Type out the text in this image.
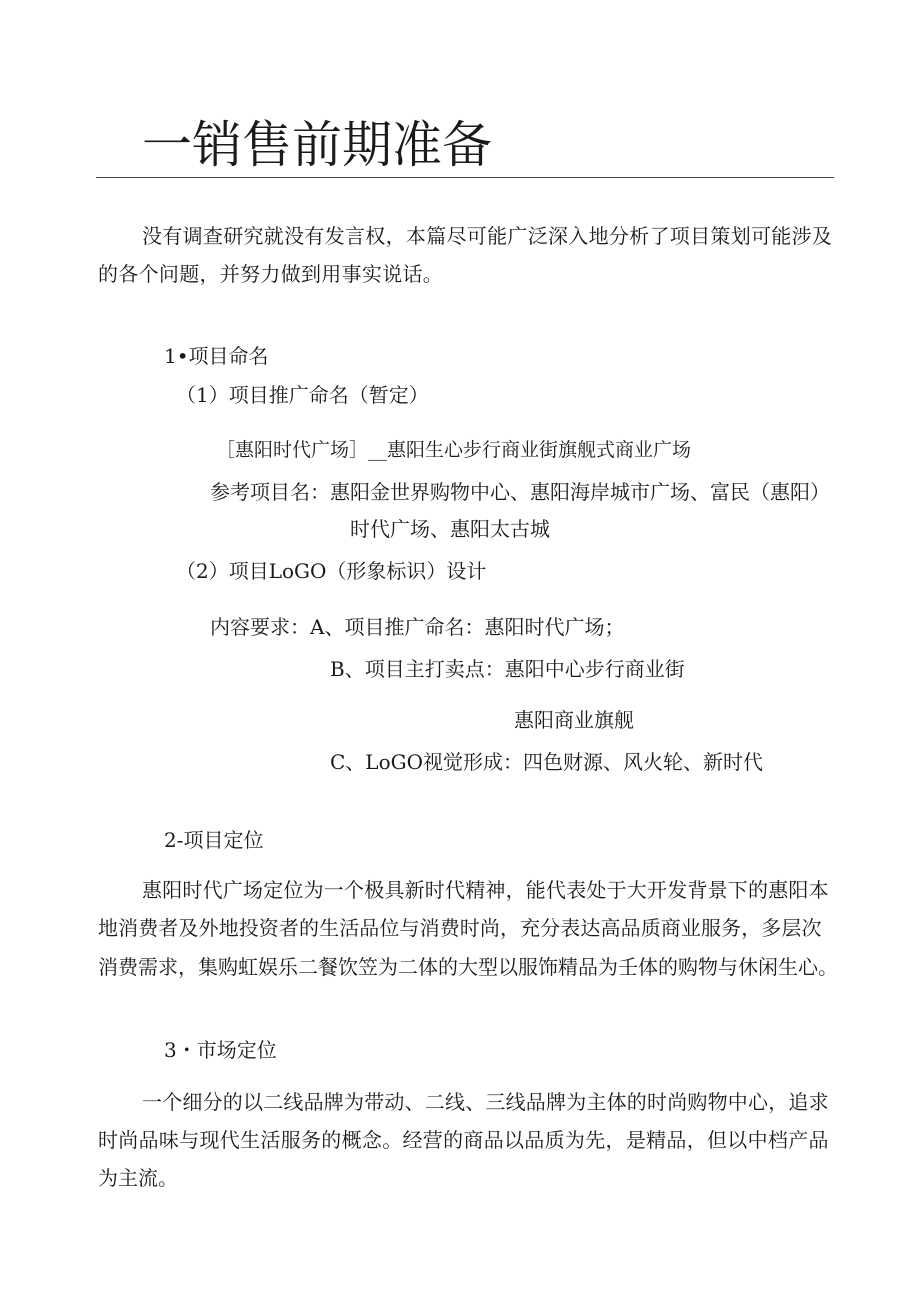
一销售前期准备
没有调查研究就没有发言权，本篇尽可能广泛深入地分析了项目策划可能涉及
的各个问题，并努力做到用事实说话。
1•项目命名
（1）项目推广命名（暂定）
［惠阳时代广场］__惠阳生心步行商业街旗舰式商业广场
参考项目名：惠阳金世界购物中心、惠阳海岸城市广场、富民（惠阳）
时代广场、惠阳太古城
（2）项目LoGO（形象标识）设计
内容要求：A、项目推广命名：惠阳时代广场；
B、项目主打卖点：惠阳中心步行商业街
惠阳商业旗舰
C、LoGO视觉形成：四色财源、风火轮、新时代
2-项目定位
惠阳时代广场定位为一个极具新时代精神，能代表处于大开发背景下的惠阳本
地消费者及外地投资者的生活品位与消费时尚，充分表达高品质商业服务，多层次
消费需求，集购虹娱乐二餐饮笠为二体的大型以服饰精品为壬体的购物与休闲生心。
3・市场定位
一个细分的以二线品牌为带动、二线、三线品牌为主体的时尚购物中心，追求
时尚品味与现代生活服务的概念。经营的商品以品质为先，是精品，但以中档产品
为主流。
